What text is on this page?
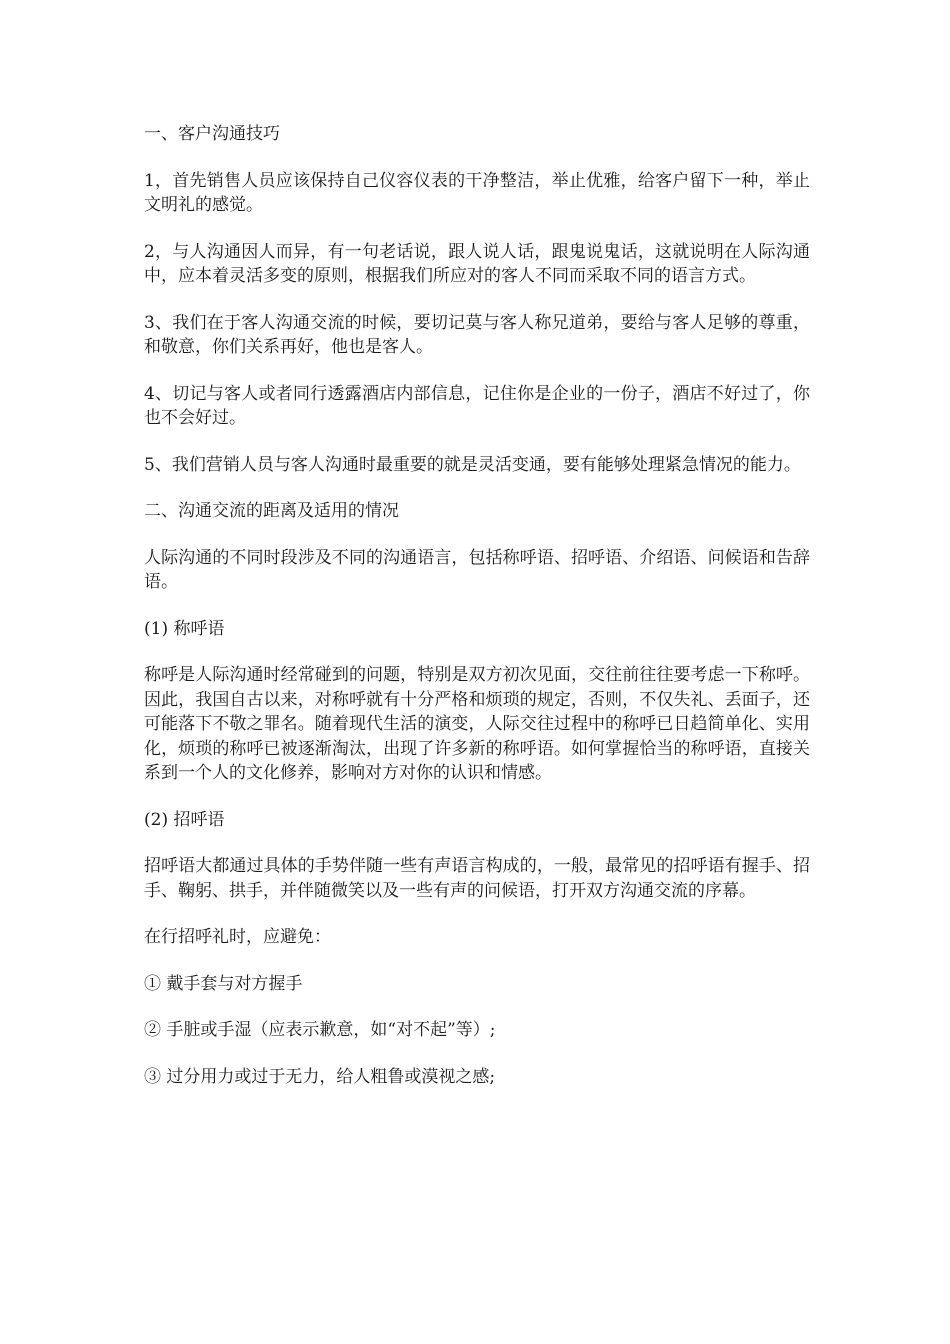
一、客户沟通技巧

1，首先销售人员应该保持自己仪容仪表的干净整洁，举止优雅，给客户留下一种，举止文明礼的感觉。

2，与人沟通因人而异，有一句老话说，跟人说人话，跟鬼说鬼话，这就说明在人际沟通中，应本着灵活多变的原则，根据我们所应对的客人不同而采取不同的语言方式。

3、我们在于客人沟通交流的时候，要切记莫与客人称兄道弟，要给与客人足够的尊重，和敬意，你们关系再好，他也是客人。

4、切记与客人或者同行透露酒店内部信息，记住你是企业的一份子，酒店不好过了，你也不会好过。

5、我们营销人员与客人沟通时最重要的就是灵活变通，要有能够处理紧急情况的能力。

二、沟通交流的距离及适用的情况

人际沟通的不同时段涉及不同的沟通语言，包括称呼语、招呼语、介绍语、问候语和告辞语。

(1) 称呼语

称呼是人际沟通时经常碰到的问题，特别是双方初次见面，交往前往往要考虑一下称呼。因此，我国自古以来，对称呼就有十分严格和烦琐的规定，否则，不仅失礼、丢面子，还可能落下不敬之罪名。随着现代生活的演变，人际交往过程中的称呼已日趋简单化、实用化，烦琐的称呼已被逐渐淘汰，出现了许多新的称呼语。如何掌握恰当的称呼语，直接关系到一个人的文化修养，影响对方对你的认识和情感。

(2) 招呼语

招呼语大都通过具体的手势伴随一些有声语言构成的，一般，最常见的招呼语有握手、招手、鞠躬、拱手，并伴随微笑以及一些有声的问候语，打开双方沟通交流的序幕。

在行招呼礼时，应避免：

① 戴手套与对方握手

② 手脏或手湿（应表示歉意，如“对不起”等）;

③ 过分用力或过于无力，给人粗鲁或漠视之感;
